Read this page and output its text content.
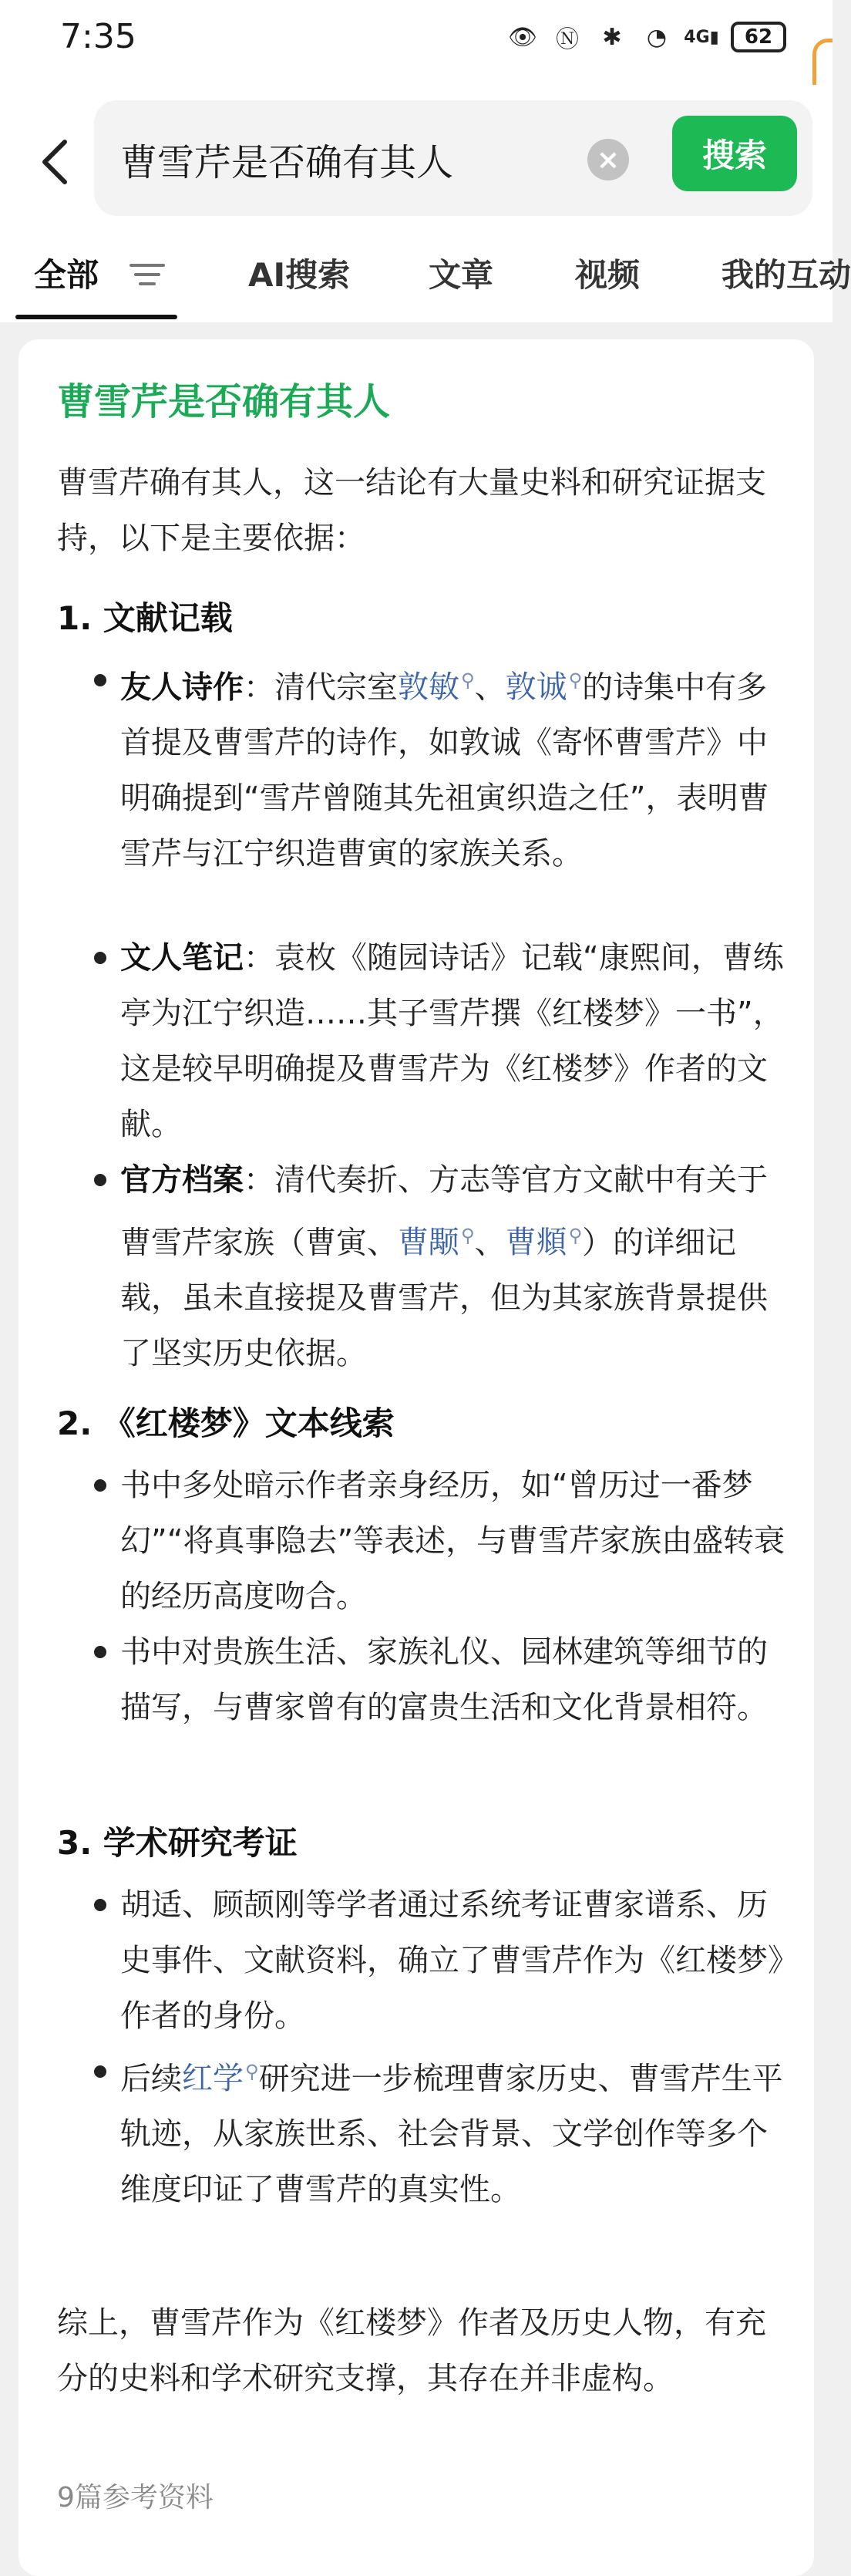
7:35	👁 Ⓝ ✱ ◔	4G ▮ 62
曹雪芹是否确有其人	×	搜索
全部	AI搜索 文章	视频	我的互动
曹雪芹是否确有其人
曹雪芹确有其人，这一结论有大量史料和研究证据支持，以下是主要依据：
1. 文献记载
友人诗作：清代宗室敦敏⚲、敦诚⚲的诗集中有多首提及曹雪芹的诗作，如敦诚《寄怀曹雪芹》中明确提到“雪芹曾随其先祖寅织造之任”，表明曹雪芹与江宁织造曹寅的家族关系。
文人笔记：袁枚《随园诗话》记载“康熙间，曹练亭为江宁织造……其子雪芹撰《红楼梦》一书”，这是较早明确提及曹雪芹为《红楼梦》作者的文献。
官方档案：清代奏折、方志等官方文献中有关于曹雪芹家族（曹寅、曹颙⚲、曹頫⚲）的详细记载，虽未直接提及曹雪芹，但为其家族背景提供了坚实历史依据。
2. 《红楼梦》文本线索
书中多处暗示作者亲身经历，如“曾历过一番梦幻”“将真事隐去”等表述，与曹雪芹家族由盛转衰的经历高度吻合。
书中对贵族生活、家族礼仪、园林建筑等细节的描写，与曹家曾有的富贵生活和文化背景相符。
3. 学术研究考证
胡适、顾颉刚等学者通过系统考证曹家谱系、历史事件、文献资料，确立了曹雪芹作为《红楼梦》作者的身份。
后续红学⚲研究进一步梳理曹家历史、曹雪芹生平轨迹，从家族世系、社会背景、文学创作等多个维度印证了曹雪芹的真实性。
综上，曹雪芹作为《红楼梦》作者及历史人物，有充分的史料和学术研究支撑，其存在并非虚构。
9篇参考资料
